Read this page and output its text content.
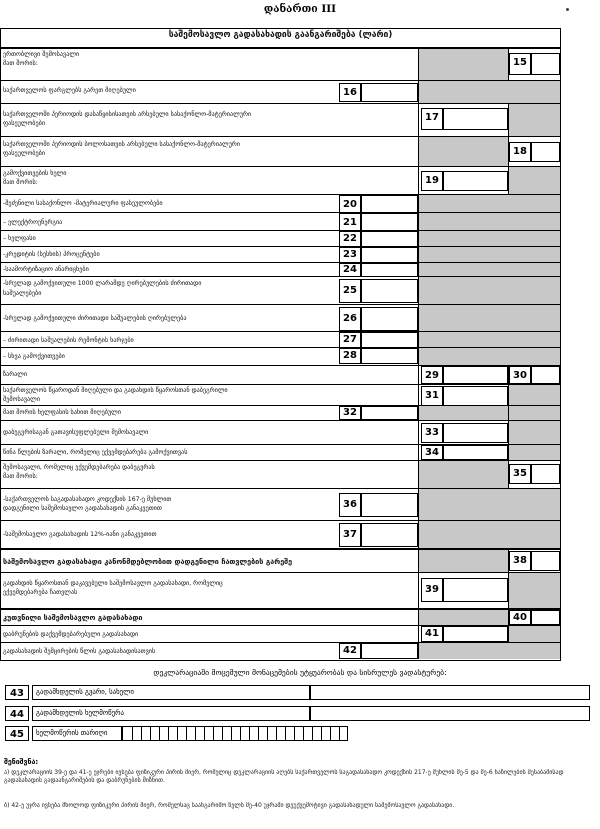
დანართი III
საშემოსავლო გადასახადის გაანგარიშება (ლარი)
ერთობლივი შემოსავალი
მათ შორის:	15
საქართველოს ფარგლებს გარეთ მიღებული	16
საქართველოში პერიოდის დასაწყისისათვის არსებული სასაქონლო-მატერიალური
ფასეულობები
17
საქართველოში პერიოდის ბოლოსათვის არსებული სასაქონლო-მატერიალური
ფასეულობები	18
გამოქვითვების ხელი
მათ შორის:	19
-შეძენილი სასაქონლო -მატერიალური ფასეულობები	20
– ელექტროენერგია	21
– ხელფასი	22
-კრედიტის (სესხის) პროცენტები	23
-საამორტიზაციო ანარიცხები	24
-სრულად გამოქვითული 1000 ლარამდე ღირებულების ძირითადი
საშუალებები	25
-სრულად გამოქვითული ძირითადი საშუალების ღირებულება	26
– ძირითადი საშუალების რემონტის ხარჯები	27
– სხვა გამოქვითვები	28
ზარალი	29	30
საქართველოს წყაროდან მიღებული და გადახდის წყაროსთან დაბეგრილი
შემოსავალი	31
მათ შორის ხელფასის სახით მიღებული	32
დაბეგვრისაგან გათავისუფლებული შემოსავალი	33
წინა წლების ზარალი, რომელიც ექვემდებარება გამოქვითვას	34
შემოსავალი, რომელიც ექვემდებარება დაბეგვრას
მათ შორის:	35
-საქართველოს საგადასახადო კოდექსის 167-ე მუხლით
დადგენილი საშემოსავლო გადასახადის განაკვეთით	36
-საშემოსავლო გადასახადის 12%-იანი განაკვეთით	37
საშემოსავლო გადასახადი კანონმდებლობით დადგენილი ჩათვლების გარეშე	38
გადახდის წყაროსთან დაკავებული საშემოსავლო გადასახადი, რომელიც
ექვემდებარება ჩათვლას	39
კუთვნილი საშემოსავლო გადასახადი	40
დაბრუნების დაქვემდებარებული გადასახადი	41
გადასახადის შემცირების წლის გადასახადისათვის	42
დეკლარაციაში მოცემული მონაცემების უტყუარობას და სისრულეს ვადასტურებ:
43	გადამხდელის გვარი, სახელი
44	გადამხდელის ხელმოწერა
45	ხელმოწერის თარიღი
შენიშვნა:
ა) დეკლარაციის 39-ე და 41-ე ეჯრები ივსება ფიზიკური პირის მიერ, რომელიც დეკლარაციის აღებს საქართველოს საგადასახადო კოდექსის 217-ე მუხლის მე-5 და მე-6 ნაწილების შესაბამისად გადასახადის გადაანგარიშების და დაბრუნების მიზნით.
ბ) 42-ე უჯრა ივსება მხოლოდ ფიზიკური პირის მიერ, რომელსაც საანგარიშო წელს მე-40 უჯრაში დეუქვემოტივი გადასახადული საშემოსავლო გადასახადი.
